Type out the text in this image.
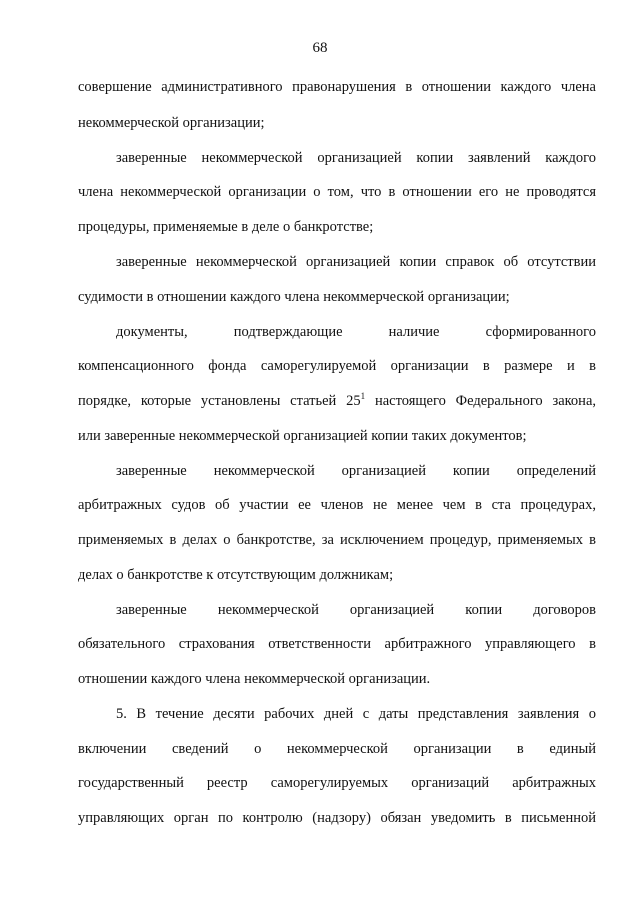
68
совершение административного правонарушения в отношении каждого члена
некоммерческой организации;
заверенные некоммерческой организацией копии заявлений каждого
члена некоммерческой организации о том, что в отношении его не проводятся
процедуры, применяемые в деле о банкротстве;
заверенные некоммерческой организацией копии справок об отсутствии
судимости в отношении каждого члена некоммерческой организации;
документы, подтверждающие наличие сформированного
компенсационного фонда саморегулируемой организации в размере и в
порядке, которые установлены статьей $25^1$ настоящего Федерального закона,
или заверенные некоммерческой организацией копии таких документов;
заверенные некоммерческой организацией копии определений
арбитражных судов об участии ее членов не менее чем в ста процедурах,
применяемых в делах о банкротстве, за исключением процедур, применяемых в
делах о банкротстве к отсутствующим должникам;
заверенные некоммерческой организацией копии договоров
обязательного страхования ответственности арбитражного управляющего в
отношении каждого члена некоммерческой организации.
5. В течение десяти рабочих дней с даты представления заявления о
включении сведений о некоммерческой организации в единый
государственный реестр саморегулируемых организаций арбитражных
управляющих орган по контролю (надзору) обязан уведомить в письменной
